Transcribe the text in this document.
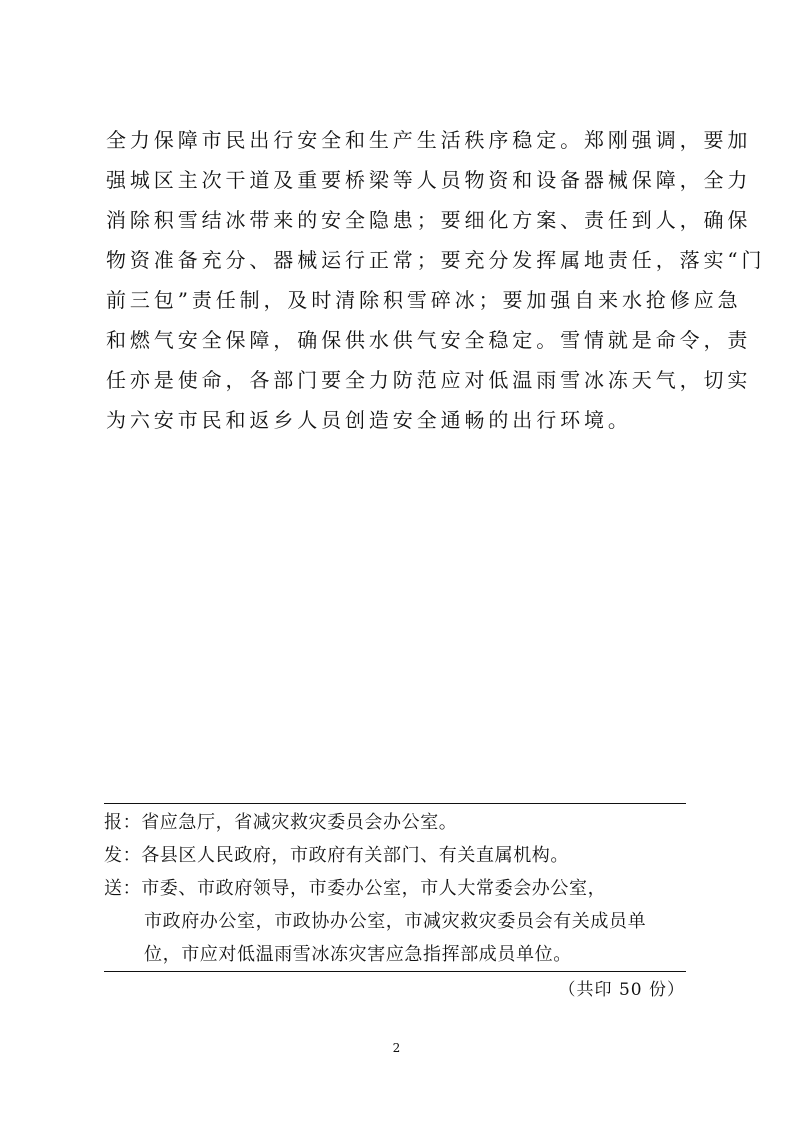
全力保障市民出行安全和生产生活秩序稳定。郑刚强调，要加
强城区主次干道及重要桥梁等人员物资和设备器械保障，全力
消除积雪结冰带来的安全隐患；要细化方案、责任到人，确保
物资准备充分、器械运行正常；要充分发挥属地责任，落实“门
前三包”责任制，及时清除积雪碎冰；要加强自来水抢修应急
和燃气安全保障，确保供水供气安全稳定。雪情就是命令，责
任亦是使命，各部门要全力防范应对低温雨雪冰冻天气，切实
为六安市民和返乡人员创造安全通畅的出行环境。
报：省应急厅，省减灾救灾委员会办公室。
发：各县区人民政府，市政府有关部门、有关直属机构。
送：市委、市政府领导，市委办公室，市人大常委会办公室，
市政府办公室，市政协办公室，市减灾救灾委员会有关成员单
位，市应对低温雨雪冰冻灾害应急指挥部成员单位。
（共印 50 份）
2
